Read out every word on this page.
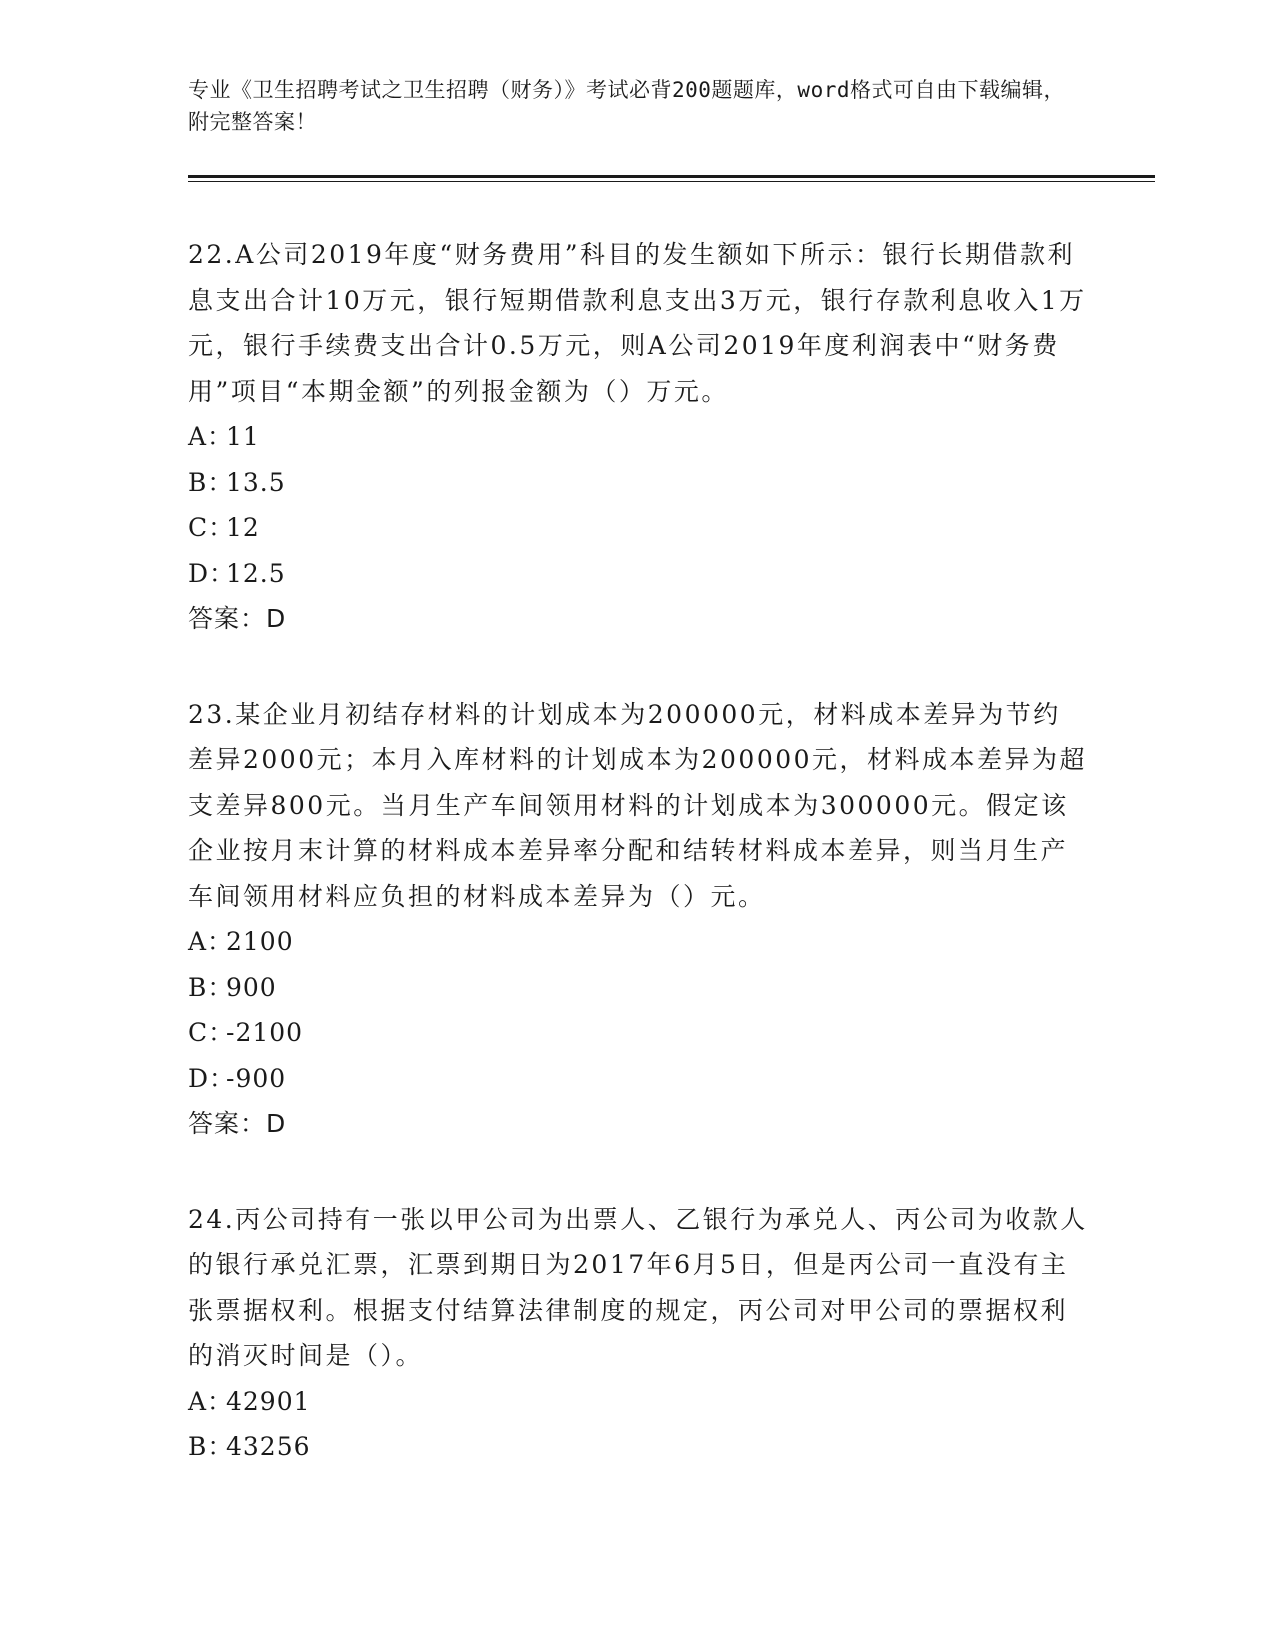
专业《卫生招聘考试之卫生招聘（财务）》考试必背200题题库，word格式可自由下载编辑，附完整答案！

22.A公司2019年度“财务费用”科目的发生额如下所示：银行长期借款利息支出合计10万元，银行短期借款利息支出3万元，银行存款利息收入1万元，银行手续费支出合计0.5万元，则A公司2019年度利润表中“财务费用”项目“本期金额”的列报金额为（）万元。

A：11
B：13.5
C：12
D：12.5
答案：D

23.某企业月初结存材料的计划成本为200000元，材料成本差异为节约差异2000元；本月入库材料的计划成本为200000元，材料成本差异为超支差异800元。当月生产车间领用材料的计划成本为300000元。假定该企业按月末计算的材料成本差异率分配和结转材料成本差异，则当月生产车间领用材料应负担的材料成本差异为（）元。

A：2100
B：900
C：-2100
D：-900
答案：D

24.丙公司持有一张以甲公司为出票人、乙银行为承兑人、丙公司为收款人的银行承兑汇票，汇票到期日为2017年6月5日，但是丙公司一直没有主张票据权利。根据支付结算法律制度的规定，丙公司对甲公司的票据权利的消灭时间是（）。

A：42901
B：43256
